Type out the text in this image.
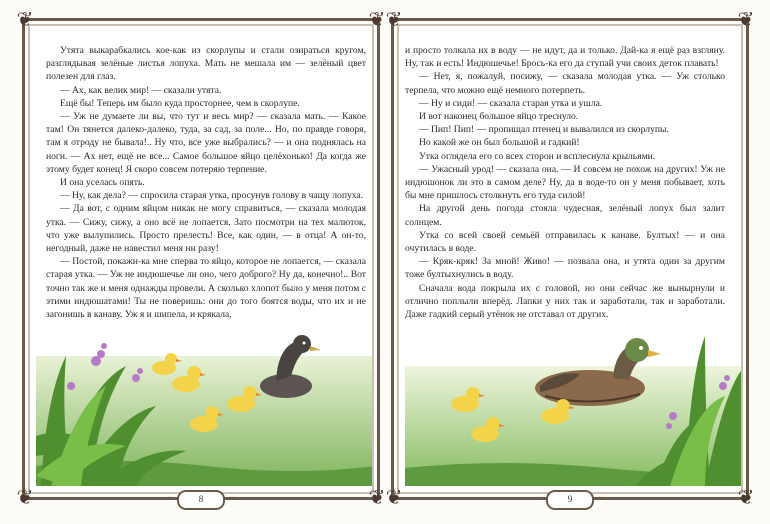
❦	❦
❦	❦

Утята выкарабкались кое-как из скорлупы и стали озираться кругом, разглядывая зелёные листья лопуха. Мать не мешала им — зелёный цвет полезен для глаз.

— Ах, как велик мир! — сказали утята.

Ещё бы! Теперь им было куда просторнее, чем в скорлупе.

— Уж не думаете ли вы, что тут и весь мир? — сказала мать. — Какое там! Он тянется далеко-далеко, туда, за сад, за поле... Но, по правде говоря, там я отроду не бывала!.. Ну что, все уже выбрались? — и она поднялась на ноги. — Ах нет, ещё не все... Самое большое яйцо целёхонько! Да когда же этому будет конец! Я скоро совсем потеряю терпение.

И она уселась опять.

— Ну, как дела? — спросила старая утка, просунув голову в чащу лопуха.

— Да вот, с одним яйцом никак не могу справиться, — сказала молодая утка. — Сижу, сижу, а оно всё не лопается. Зато посмотри на тех малюток, что уже вылупились. Просто прелесть! Все, как один, — в отца! А он-то, негодный, даже не навестил меня ни разу!

— Постой, покажи-ка мне сперва то яйцо, которое не лопается, — сказала старая утка. — Уж не индюшечье ли оно, чего доброго? Ну да, конечно!.. Вот точно так же и меня однажды провели. А сколько хлопот было у меня потом с этими индюшатами! Ты не поверишь: они до того боятся воды, что их и не загонишь в канаву. Уж я и шипела, и крякала,

❧	8	☙
❦	❦
❦	❦

и просто толкала их в воду — не идут, да и только. Дай-ка я ещё раз взгляну. Ну, так и есть! Индюшечье! Брось-ка его да ступай учи своих деток плавать!

— Нет, я, пожалуй, посижу, — сказала молодая утка. — Уж столько терпела, что можно ещё немного потерпеть.

— Ну и сиди! — сказала старая утка и ушла.

И вот наконец большое яйцо треснуло.

— Пип! Пип! — пропищал птенец и вывалился из скорлупы.

Но какой же он был большой и гадкий!

Утка оглядела его со всех сторон и всплеснула крыльями.

— Ужасный урод! — сказала она. — И совсем не похож на других! Уж не индюшонок ли это в самом деле? Ну, да в воде-то он у меня побывает, хоть бы мне пришлось столкнуть его туда силой!

На другой день погода стояла чудесная, зелёный лопух был залит солнцем.

Утка со всей своей семьёй отправилась к канаве. Бултых! — и она очутилась в воде.

— Кряк-кряк! За мной! Живо! — позвала она, и утята один за другим тоже бултыхнулись в воду.

Сначала вода покрыла их с головой, но они сейчас же вынырнули и отлично поплыли вперёд. Лапки у них так и заработали, так и заработали. Даже гадкий серый утёнок не отставал от других.

❧	9	☙
